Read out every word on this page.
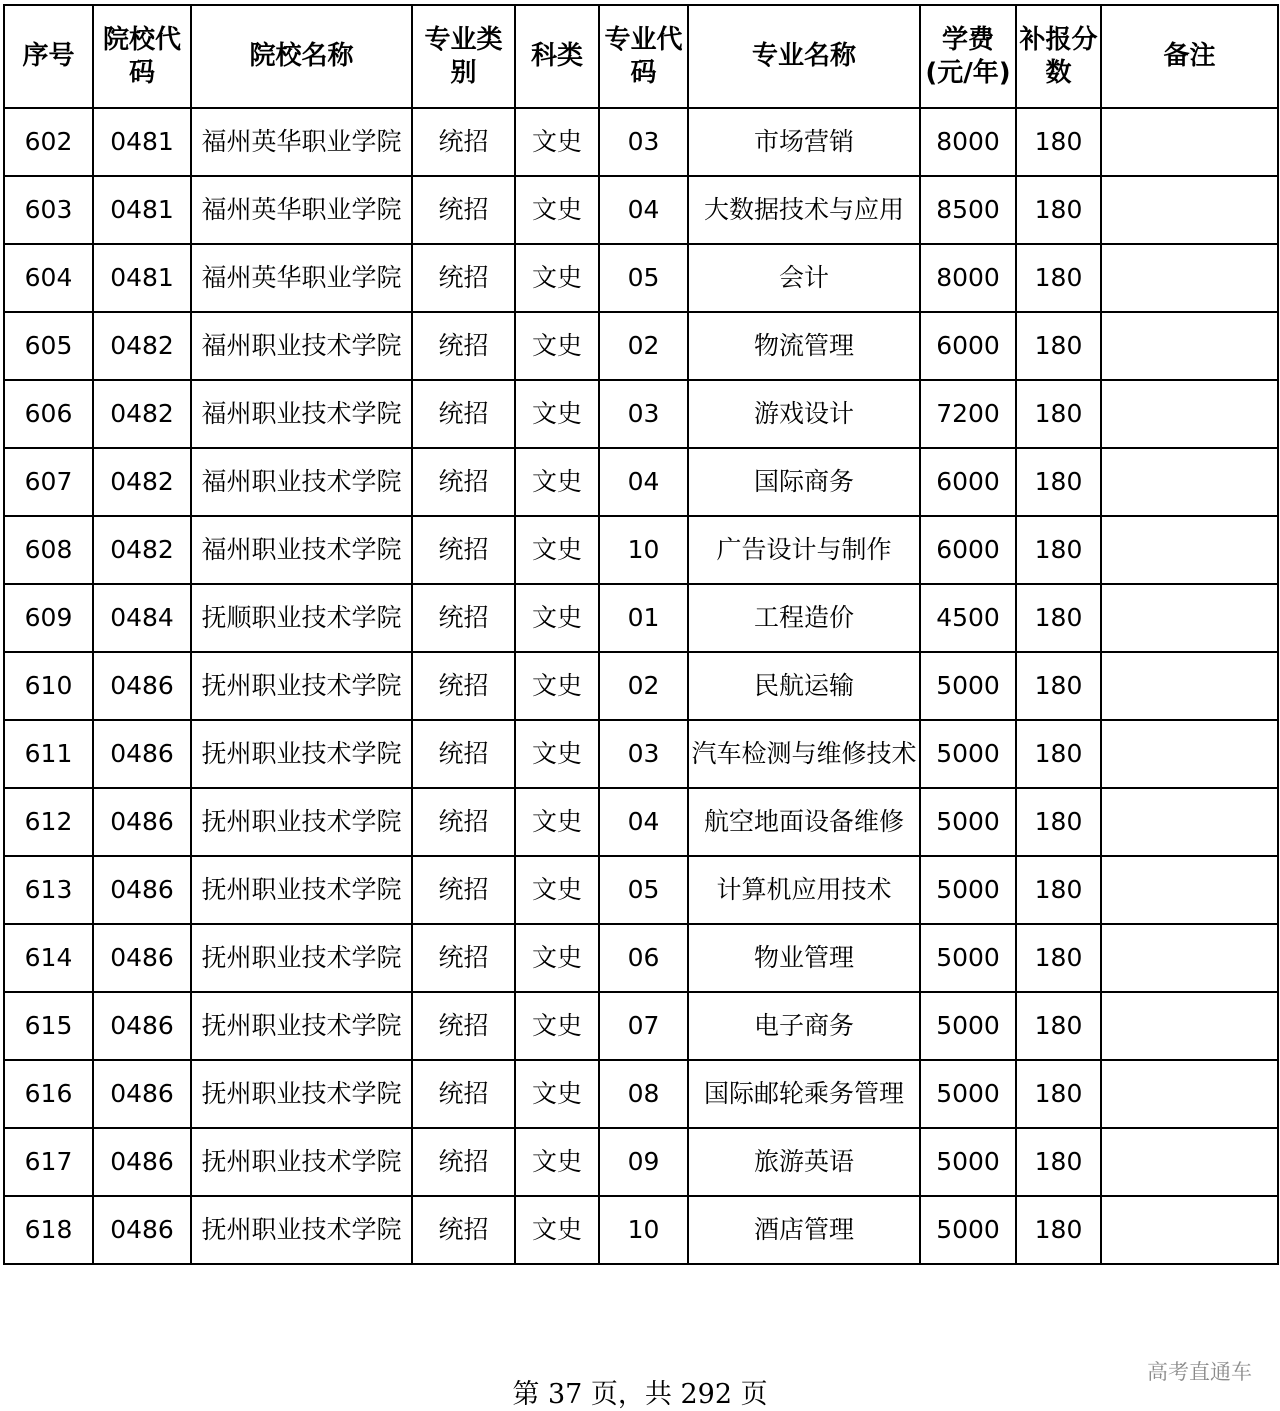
序号	院校代码	院校名称	专业类别	科类	专业代码	专业名称	学费(元/年)	补报分数	备注
602	0481	福州英华职业学院	统招	文史	03	市场营销	8000	180	
603	0481	福州英华职业学院	统招	文史	04	大数据技术与应用	8500	180	
604	0481	福州英华职业学院	统招	文史	05	会计	8000	180	
605	0482	福州职业技术学院	统招	文史	02	物流管理	6000	180	
606	0482	福州职业技术学院	统招	文史	03	游戏设计	7200	180	
607	0482	福州职业技术学院	统招	文史	04	国际商务	6000	180	
608	0482	福州职业技术学院	统招	文史	10	广告设计与制作	6000	180	
609	0484	抚顺职业技术学院	统招	文史	01	工程造价	4500	180	
610	0486	抚州职业技术学院	统招	文史	02	民航运输	5000	180	
611	0486	抚州职业技术学院	统招	文史	03	汽车检测与维修技术	5000	180	
612	0486	抚州职业技术学院	统招	文史	04	航空地面设备维修	5000	180	
613	0486	抚州职业技术学院	统招	文史	05	计算机应用技术	5000	180	
614	0486	抚州职业技术学院	统招	文史	06	物业管理	5000	180	
615	0486	抚州职业技术学院	统招	文史	07	电子商务	5000	180	
616	0486	抚州职业技术学院	统招	文史	08	国际邮轮乘务管理	5000	180	
617	0486	抚州职业技术学院	统招	文史	09	旅游英语	5000	180	
618	0486	抚州职业技术学院	统招	文史	10	酒店管理	5000	180	
第 37 页，共 292 页
高考直通车
